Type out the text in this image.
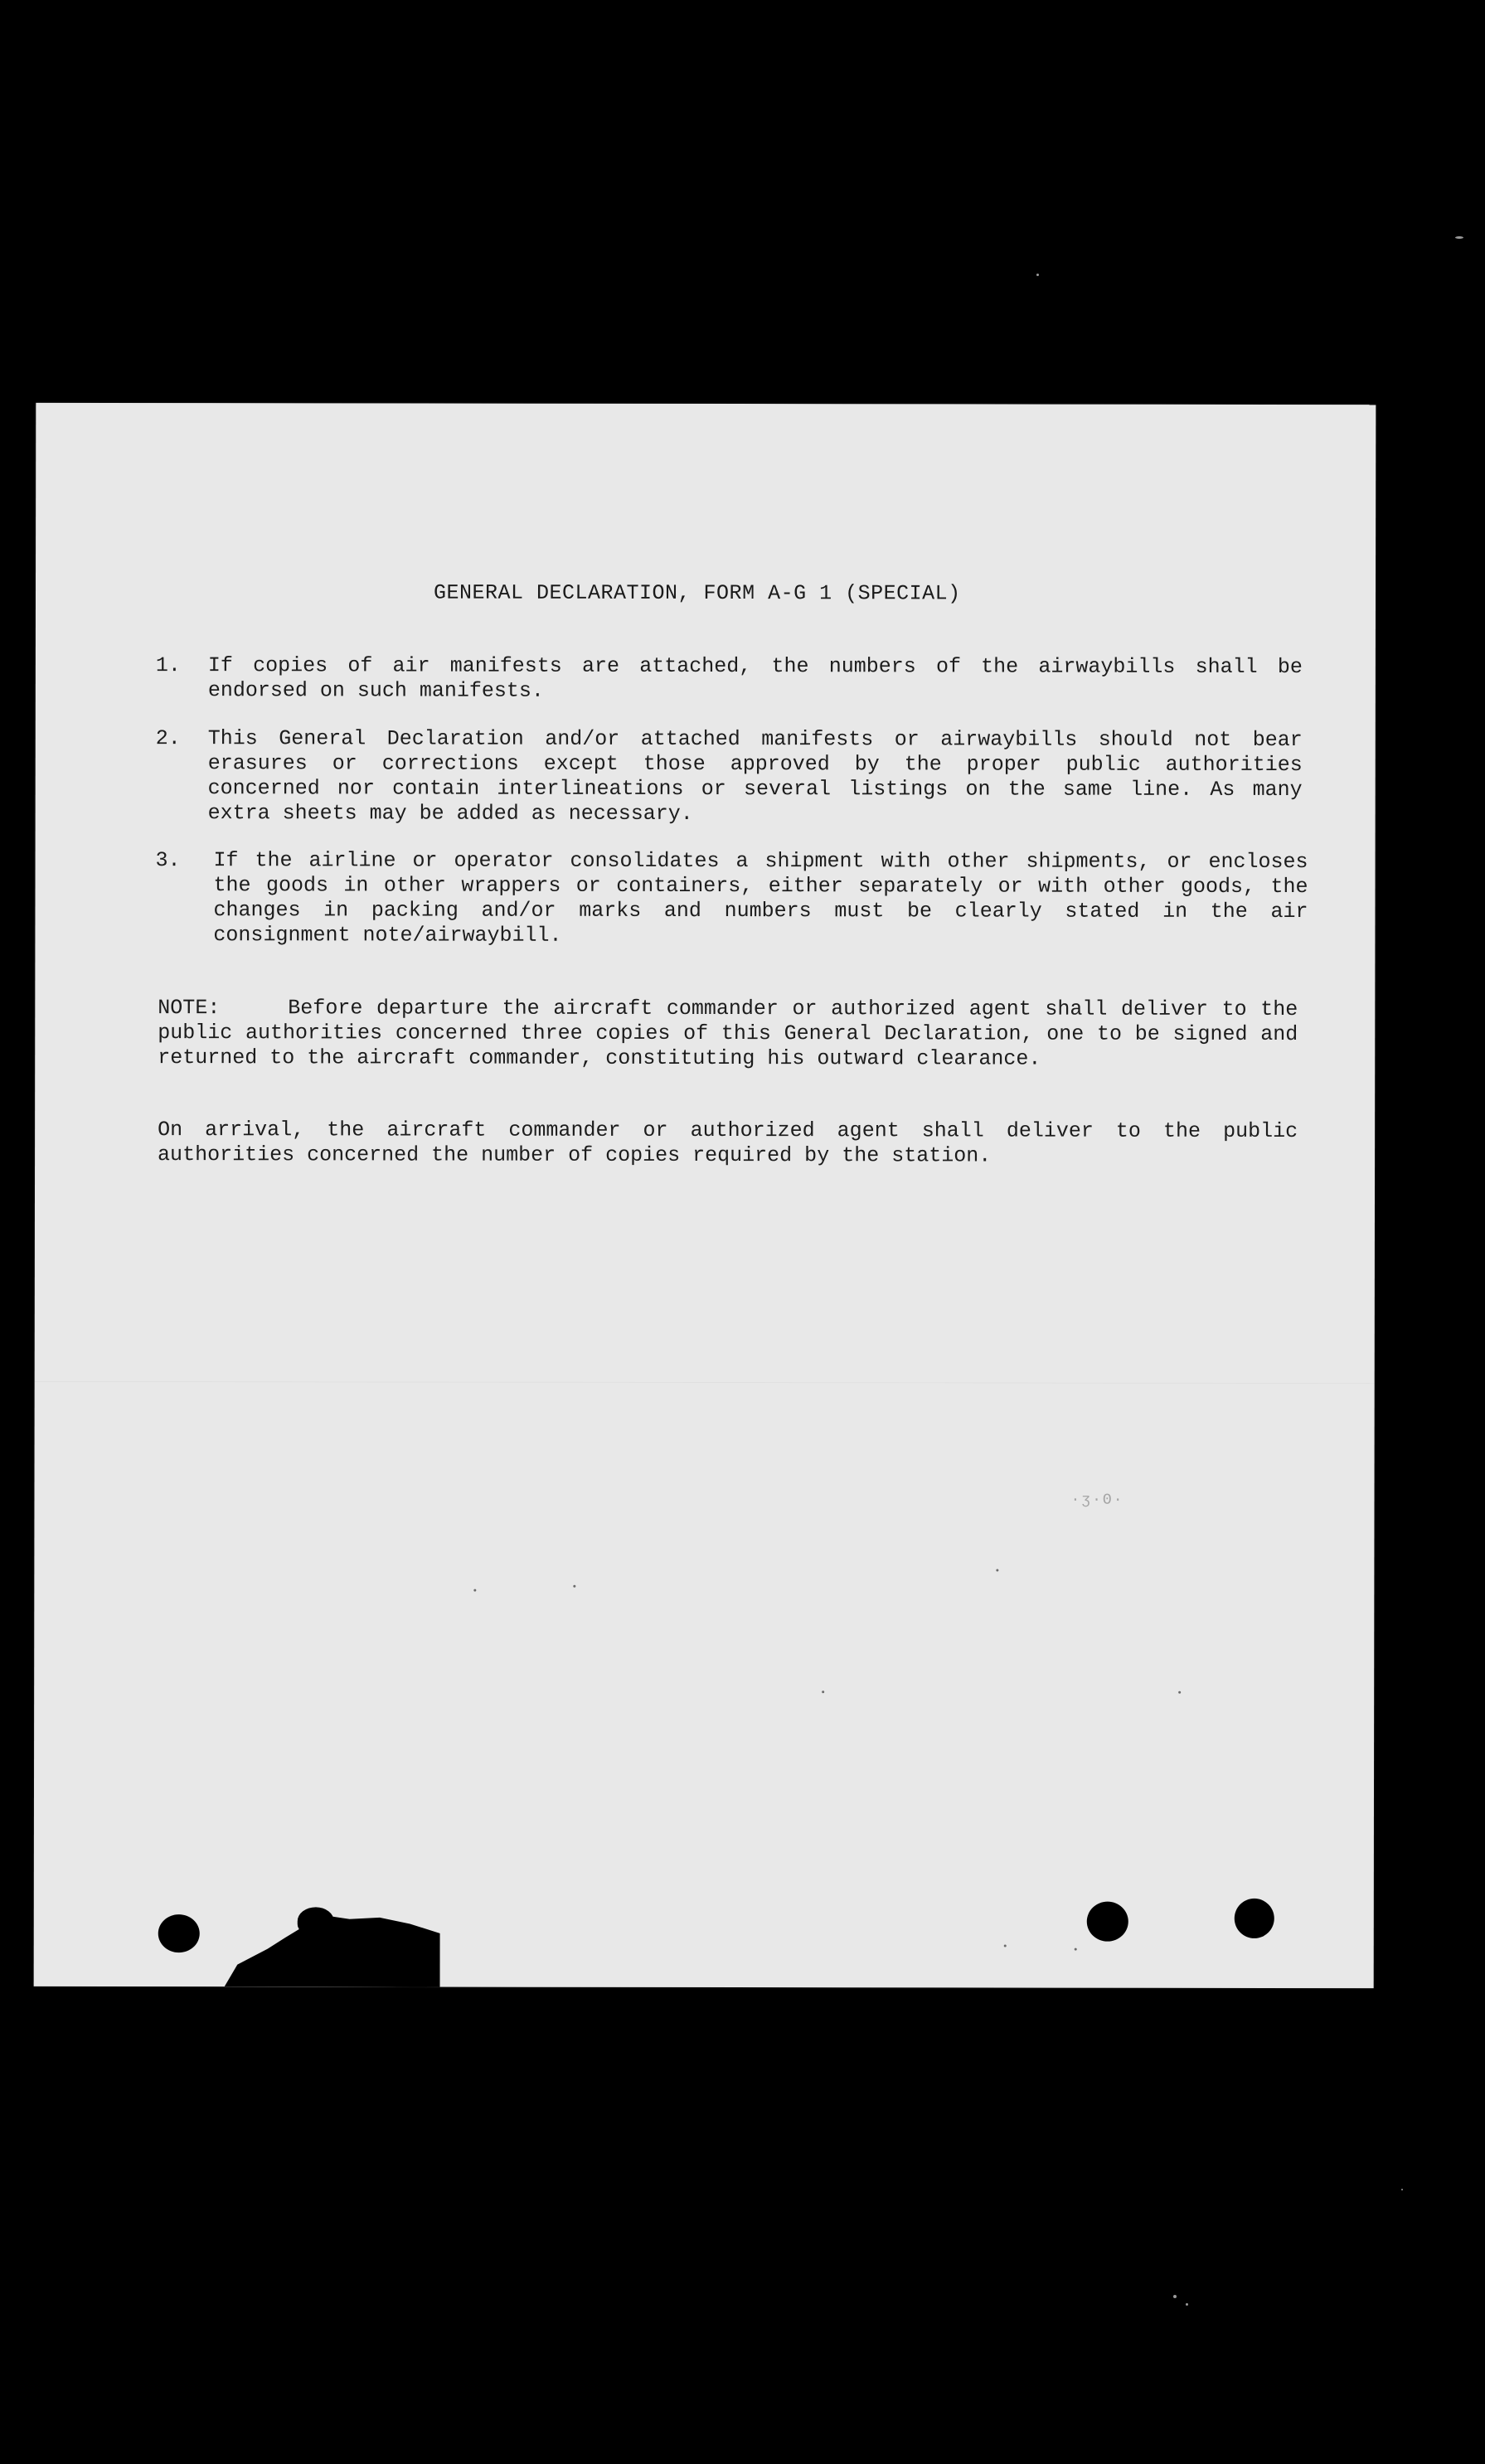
GENERAL DECLARATION, FORM A-G 1 (SPECIAL)
1.	If copies of air manifests are attached, the numbers of the airwaybills shall be endorsed on such manifests.
2.	This General Declaration and/or attached manifests or airwaybills should not bear erasures or corrections except those approved by the proper public authorities concerned nor contain interlineations or several listings on the same line. As many extra sheets may be added as necessary.
3.	If the airline or operator consolidates a shipment with other shipments, or encloses the goods in other wrappers or containers, either separately or with other goods, the changes in packing and/or marks and numbers must be clearly stated in the air consignment note/airwaybill.
NOTE:	Before departure the aircraft commander or authorized agent shall deliver to the public authorities concerned three copies of this General Declaration, one to be signed and returned to the aircraft commander, constituting his outward clearance.
On arrival, the aircraft commander or authorized agent shall deliver to the public authorities concerned the number of copies required by the station.
·ʒ·ʘ·
